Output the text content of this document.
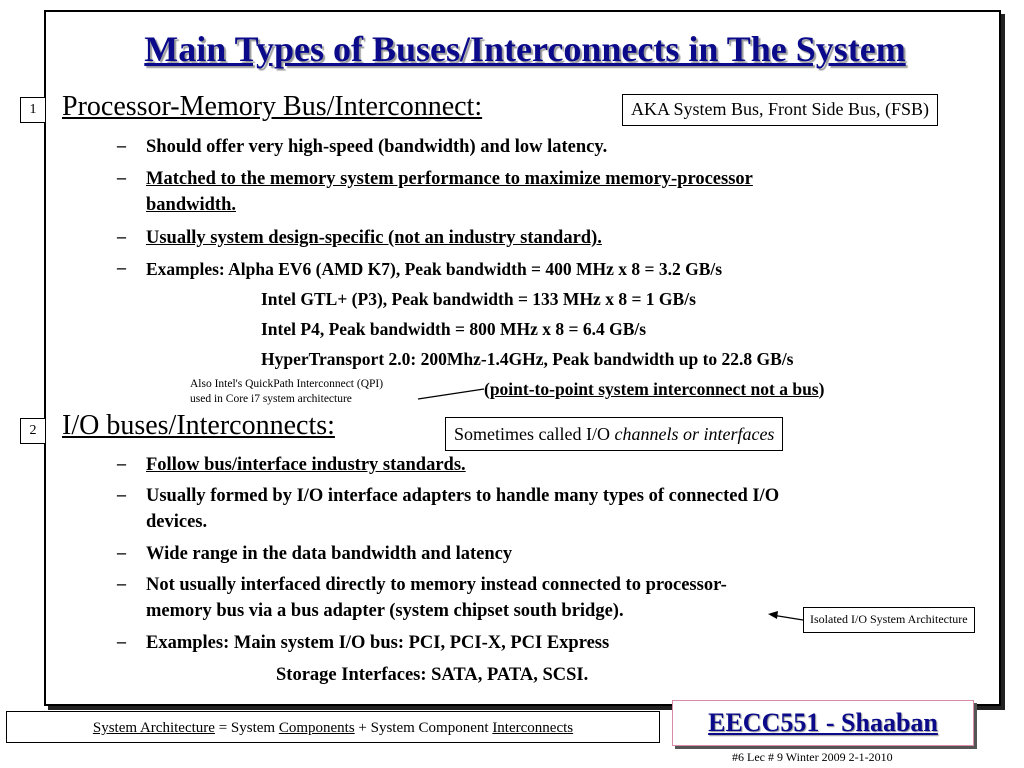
Main Types of Buses/Interconnects in The System
1 Processor-Memory Bus/Interconnect:	AKA System Bus, Front Side Bus, (FSB)
– Should offer very high-speed (bandwidth) and low latency.
– Matched to the memory system performance to maximize memory-processor
bandwidth.
– Usually system design-specific (not an industry standard).
– Examples: Alpha EV6 (AMD K7), Peak bandwidth = 400 MHz x 8 = 3.2 GB/s
Intel GTL+ (P3), Peak bandwidth = 133 MHz x 8 = 1 GB/s
Intel P4, Peak bandwidth = 800 MHz x 8 = 6.4 GB/s
HyperTransport 2.0: 200Mhz-1.4GHz, Peak bandwidth up to 22.8 GB/s
(point-to-point system interconnect not a bus)
Also Intel's QuickPath Interconnect (QPI)
used in Core i7 system architecture
2 I/O buses/Interconnects:	Sometimes called I/O channels or interfaces
– Follow bus/interface industry standards.
– Usually formed by I/O interface adapters to handle many types of connected I/O
devices.
– Wide range in the data bandwidth and latency
– Not usually interfaced directly to memory instead connected to processor-
memory bus via a bus adapter (system chipset south bridge).
– Examples: Main system I/O bus: PCI, PCI-X, PCI Express
Storage Interfaces: SATA, PATA, SCSI.
Isolated I/O System Architecture
EECC551 - Shaaban
System Architecture = System Components + System Component Interconnects
#6 Lec # 9 Winter 2009 2-1-2010
